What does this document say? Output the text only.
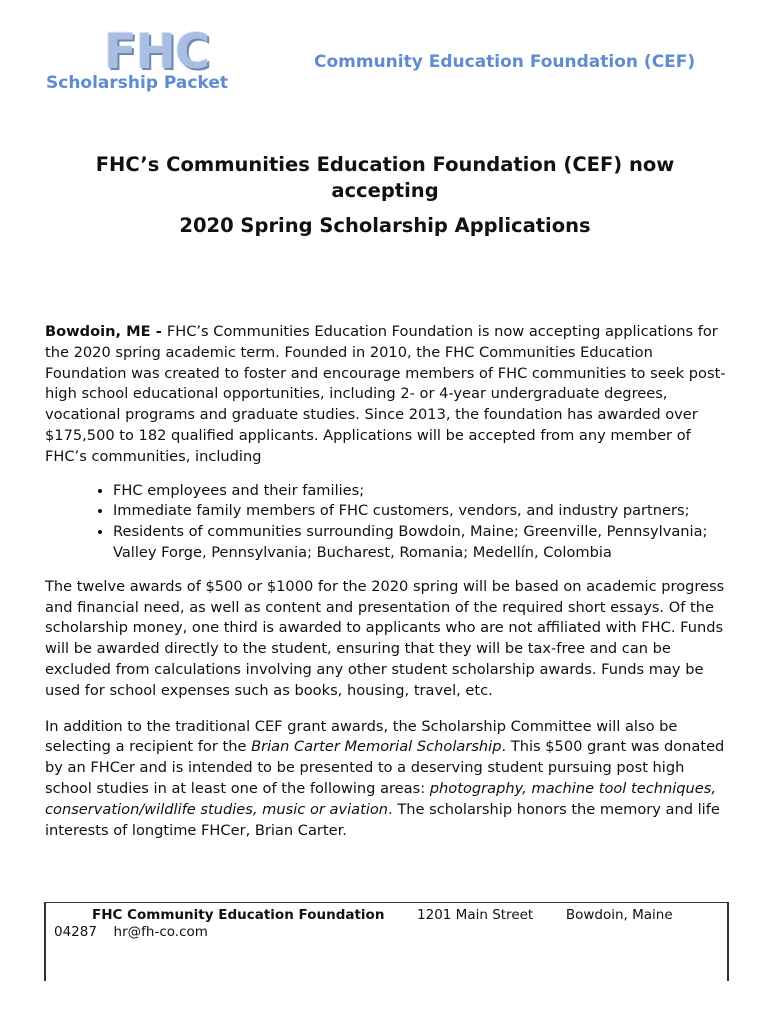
FHC
Scholarship Packet
Community Education Foundation (CEF)
FHC’s Communities Education Foundation (CEF) now accepting
2020 Spring Scholarship Applications

Bowdoin, ME - FHC’s Communities Education Foundation is now accepting applications for the 2020 spring academic term. Founded in 2010, the FHC Communities Education Foundation was created to foster and encourage members of FHC communities to seek post-high school educational opportunities, including 2- or 4-year undergraduate degrees, vocational programs and graduate studies. Since 2013, the foundation has awarded over $175,500 to 182 qualified applicants. Applications will be accepted from any member of FHC’s communities, including

• FHC employees and their families;
• Immediate family members of FHC customers, vendors, and industry partners;
• Residents of communities surrounding Bowdoin, Maine; Greenville, Pennsylvania; Valley Forge, Pennsylvania; Bucharest, Romania; Medellín, Colombia

The twelve awards of $500 or $1000 for the 2020 spring will be based on academic progress and financial need, as well as content and presentation of the required short essays. Of the scholarship money, one third is awarded to applicants who are not affiliated with FHC. Funds will be awarded directly to the student, ensuring that they will be tax-free and can be excluded from calculations involving any other student scholarship awards. Funds may be used for school expenses such as books, housing, travel, etc.

In addition to the traditional CEF grant awards, the Scholarship Committee will also be selecting a recipient for the Brian Carter Memorial Scholarship. This $500 grant was donated by an FHCer and is intended to be presented to a deserving student pursuing post high school studies in at least one of the following areas: photography, machine tool techniques, conservation/wildlife studies, music or aviation. The scholarship honors the memory and life interests of longtime FHCer, Brian Carter.

FHC Community Education Foundation 1201 Main Street Bowdoin, Maine
04287 hr@fh-co.com
